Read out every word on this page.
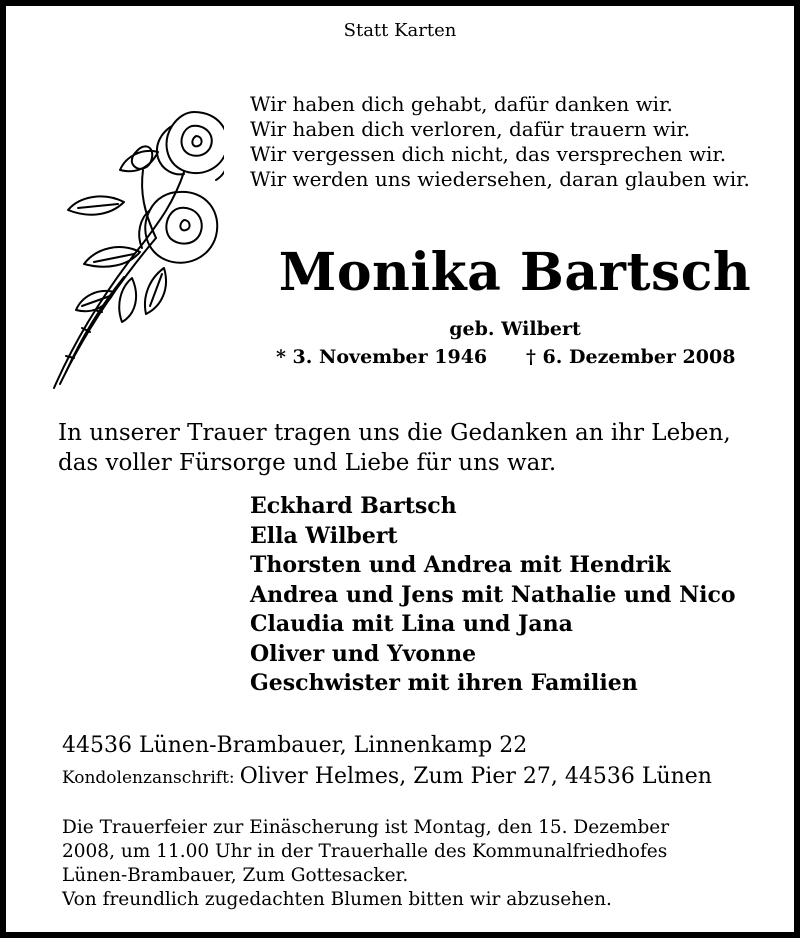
Statt Karten
Wir haben dich gehabt, dafür danken wir.
Wir haben dich verloren, dafür trauern wir.
Wir vergessen dich nicht, das versprechen wir.
Wir werden uns wiedersehen, daran glauben wir.
Monika Bartsch
geb. Wilbert
* 3. November 1946 † 6. Dezember 2008
In unserer Trauer tragen uns die Gedanken an ihr Leben, das voller Fürsorge und Liebe für uns war.
Eckhard Bartsch
Ella Wilbert
Thorsten und Andrea mit Hendrik
Andrea und Jens mit Nathalie und Nico
Claudia mit Lina und Jana
Oliver und Yvonne
Geschwister mit ihren Familien
44536 Lünen-Brambauer, Linnenkamp 22
Kondolenzanschrift: Oliver Helmes, Zum Pier 27, 44536 Lünen
Die Trauerfeier zur Einäscherung ist Montag, den 15. Dezember
2008, um 11.00 Uhr in der Trauerhalle des Kommunalfriedhofes
Lünen-Brambauer, Zum Gottesacker.
Von freundlich zugedachten Blumen bitten wir abzusehen.
